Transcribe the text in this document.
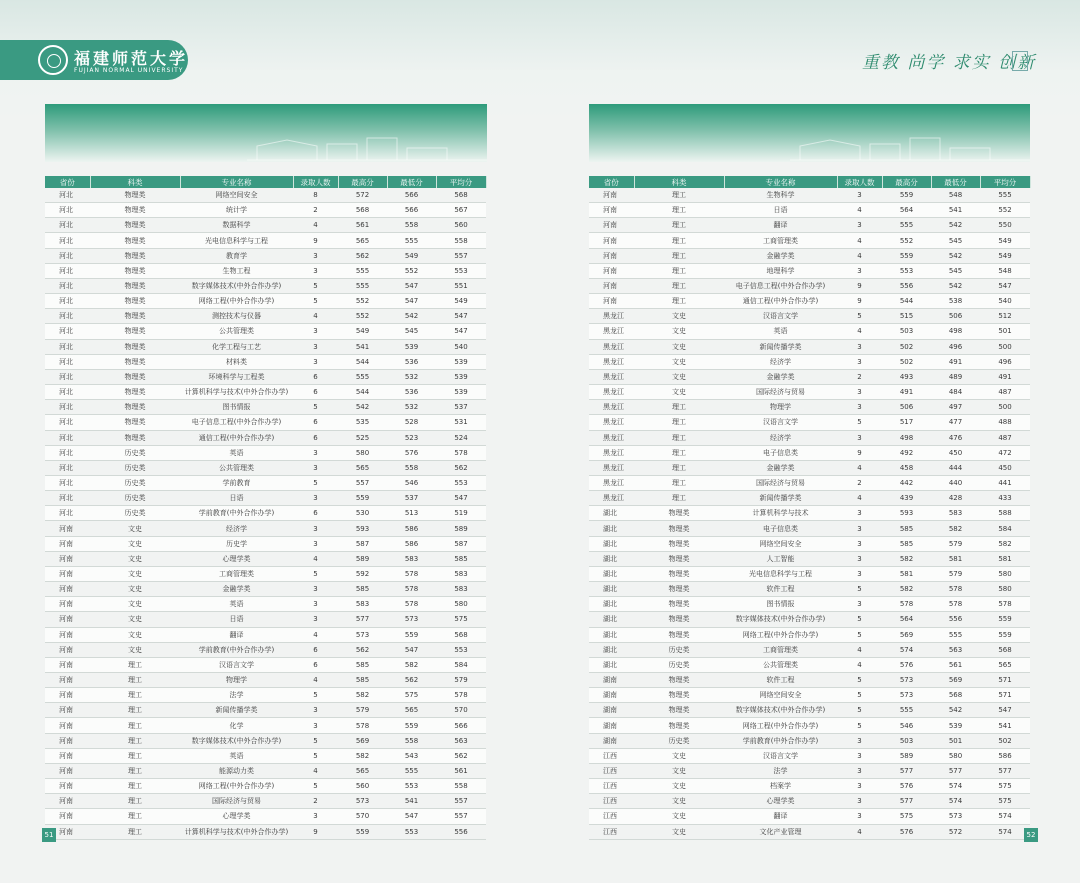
福建师范大学
FUJIAN NORMAL UNIVERSITY	重教 尚学 求实 创新
省份	科类	专业名称	录取人数	最高分	最低分	平均分
河北	物理类	网络空间安全	8	572	566	568
河北	物理类	统计学	2	568	566	567
河北	物理类	数据科学	4	561	558	560
河北	物理类	光电信息科学与工程	9	565	555	558
河北	物理类	教育学	3	562	549	557
河北	物理类	生物工程	3	555	552	553
河北	物理类	数字媒体技术(中外合作办学)	5	555	547	551
河北	物理类	网络工程(中外合作办学)	5	552	547	549
河北	物理类	测控技术与仪器	4	552	542	547
河北	物理类	公共管理类	3	549	545	547
河北	物理类	化学工程与工艺	3	541	539	540
河北	物理类	材料类	3	544	536	539
河北	物理类	环境科学与工程类	6	555	532	539
河北	物理类	计算机科学与技术(中外合作办学)	6	544	536	539
河北	物理类	图书情报	5	542	532	537
河北	物理类	电子信息工程(中外合作办学)	6	535	528	531
河北	物理类	通信工程(中外合作办学)	6	525	523	524
河北	历史类	英语	3	580	576	578
河北	历史类	公共管理类	3	565	558	562
河北	历史类	学前教育	5	557	546	553
河北	历史类	日语	3	559	537	547
河北	历史类	学前教育(中外合作办学)	6	530	513	519
河南	文史	经济学	3	593	586	589
河南	文史	历史学	3	587	586	587
河南	文史	心理学类	4	589	583	585
河南	文史	工商管理类	5	592	578	583
河南	文史	金融学类	3	585	578	583
河南	文史	英语	3	583	578	580
河南	文史	日语	3	577	573	575
河南	文史	翻译	4	573	559	568
河南	文史	学前教育(中外合作办学)	6	562	547	553
河南	理工	汉语言文学	6	585	582	584
河南	理工	物理学	4	585	562	579
河南	理工	法学	5	582	575	578
河南	理工	新闻传播学类	3	579	565	570
河南	理工	化学	3	578	559	566
河南	理工	数字媒体技术(中外合作办学)	5	569	558	563
河南	理工	英语	5	582	543	562
河南	理工	能源动力类	4	565	555	561
河南	理工	网络工程(中外合作办学)	5	560	553	558
河南	理工	国际经济与贸易	2	573	541	557
河南	理工	心理学类	3	570	547	557
河南	理工	计算机科学与技术(中外合作办学)	9	559	553	556
省份	科类	专业名称	录取人数	最高分	最低分	平均分
河南	理工	生物科学	3	559	548	555
河南	理工	日语	4	564	541	552
河南	理工	翻译	3	555	542	550
河南	理工	工商管理类	4	552	545	549
河南	理工	金融学类	4	559	542	549
河南	理工	地理科学	3	553	545	548
河南	理工	电子信息工程(中外合作办学)	9	556	542	547
河南	理工	通信工程(中外合作办学)	9	544	538	540
黑龙江	文史	汉语言文学	5	515	506	512
黑龙江	文史	英语	4	503	498	501
黑龙江	文史	新闻传播学类	3	502	496	500
黑龙江	文史	经济学	3	502	491	496
黑龙江	文史	金融学类	2	493	489	491
黑龙江	文史	国际经济与贸易	3	491	484	487
黑龙江	理工	物理学	3	506	497	500
黑龙江	理工	汉语言文学	5	517	477	488
黑龙江	理工	经济学	3	498	476	487
黑龙江	理工	电子信息类	9	492	450	472
黑龙江	理工	金融学类	4	458	444	450
黑龙江	理工	国际经济与贸易	2	442	440	441
黑龙江	理工	新闻传播学类	4	439	428	433
湖北	物理类	计算机科学与技术	3	593	583	588
湖北	物理类	电子信息类	3	585	582	584
湖北	物理类	网络空间安全	3	585	579	582
湖北	物理类	人工智能	3	582	581	581
湖北	物理类	光电信息科学与工程	3	581	579	580
湖北	物理类	软件工程	5	582	578	580
湖北	物理类	图书情报	3	578	578	578
湖北	物理类	数字媒体技术(中外合作办学)	5	564	556	559
湖北	物理类	网络工程(中外合作办学)	5	569	555	559
湖北	历史类	工商管理类	4	574	563	568
湖北	历史类	公共管理类	4	576	561	565
湖南	物理类	软件工程	5	573	569	571
湖南	物理类	网络空间安全	5	573	568	571
湖南	物理类	数字媒体技术(中外合作办学)	5	555	542	547
湖南	物理类	网络工程(中外合作办学)	5	546	539	541
湖南	历史类	学前教育(中外合作办学)	3	503	501	502
江西	文史	汉语言文学	3	589	580	586
江西	文史	法学	3	577	577	577
江西	文史	档案学	3	576	574	575
江西	文史	心理学类	3	577	574	575
江西	文史	翻译	3	575	573	574
江西	文史	文化产业管理	4	576	572	574
51	52
